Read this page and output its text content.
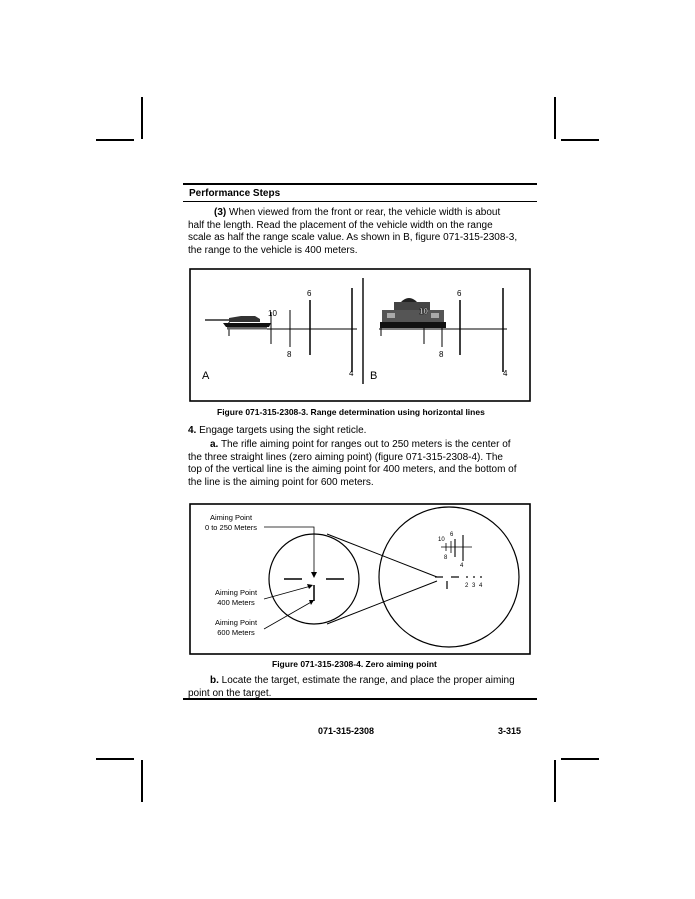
Performance Steps
(3) When viewed from the front or rear, the vehicle width is about half the length. Read the placement of the vehicle width on the range scale as half the range scale value. As shown in B, figure 071-315-2308-3, the range to the vehicle is 400 meters.
10
6
8
4
A
10
6
8
4
B
Figure 071-315-2308-3. Range determination using horizontal lines
4. Engage targets using the sight reticle.
a. The rifle aiming point for ranges out to 250 meters is the center of the three straight lines (zero aiming point) (figure 071-315-2308-4). The top of the vertical line is the aiming point for 400 meters, and the bottom of the line is the aiming point for 600 meters.
10
6
8
4
2 3 4
Aiming Point
0 to 250 Meters
Aiming Point
400 Meters
Aiming Point
600 Meters
Figure 071-315-2308-4. Zero aiming point
b. Locate the target, estimate the range, and place the proper aiming point on the target.
071-315-2308	3-315
